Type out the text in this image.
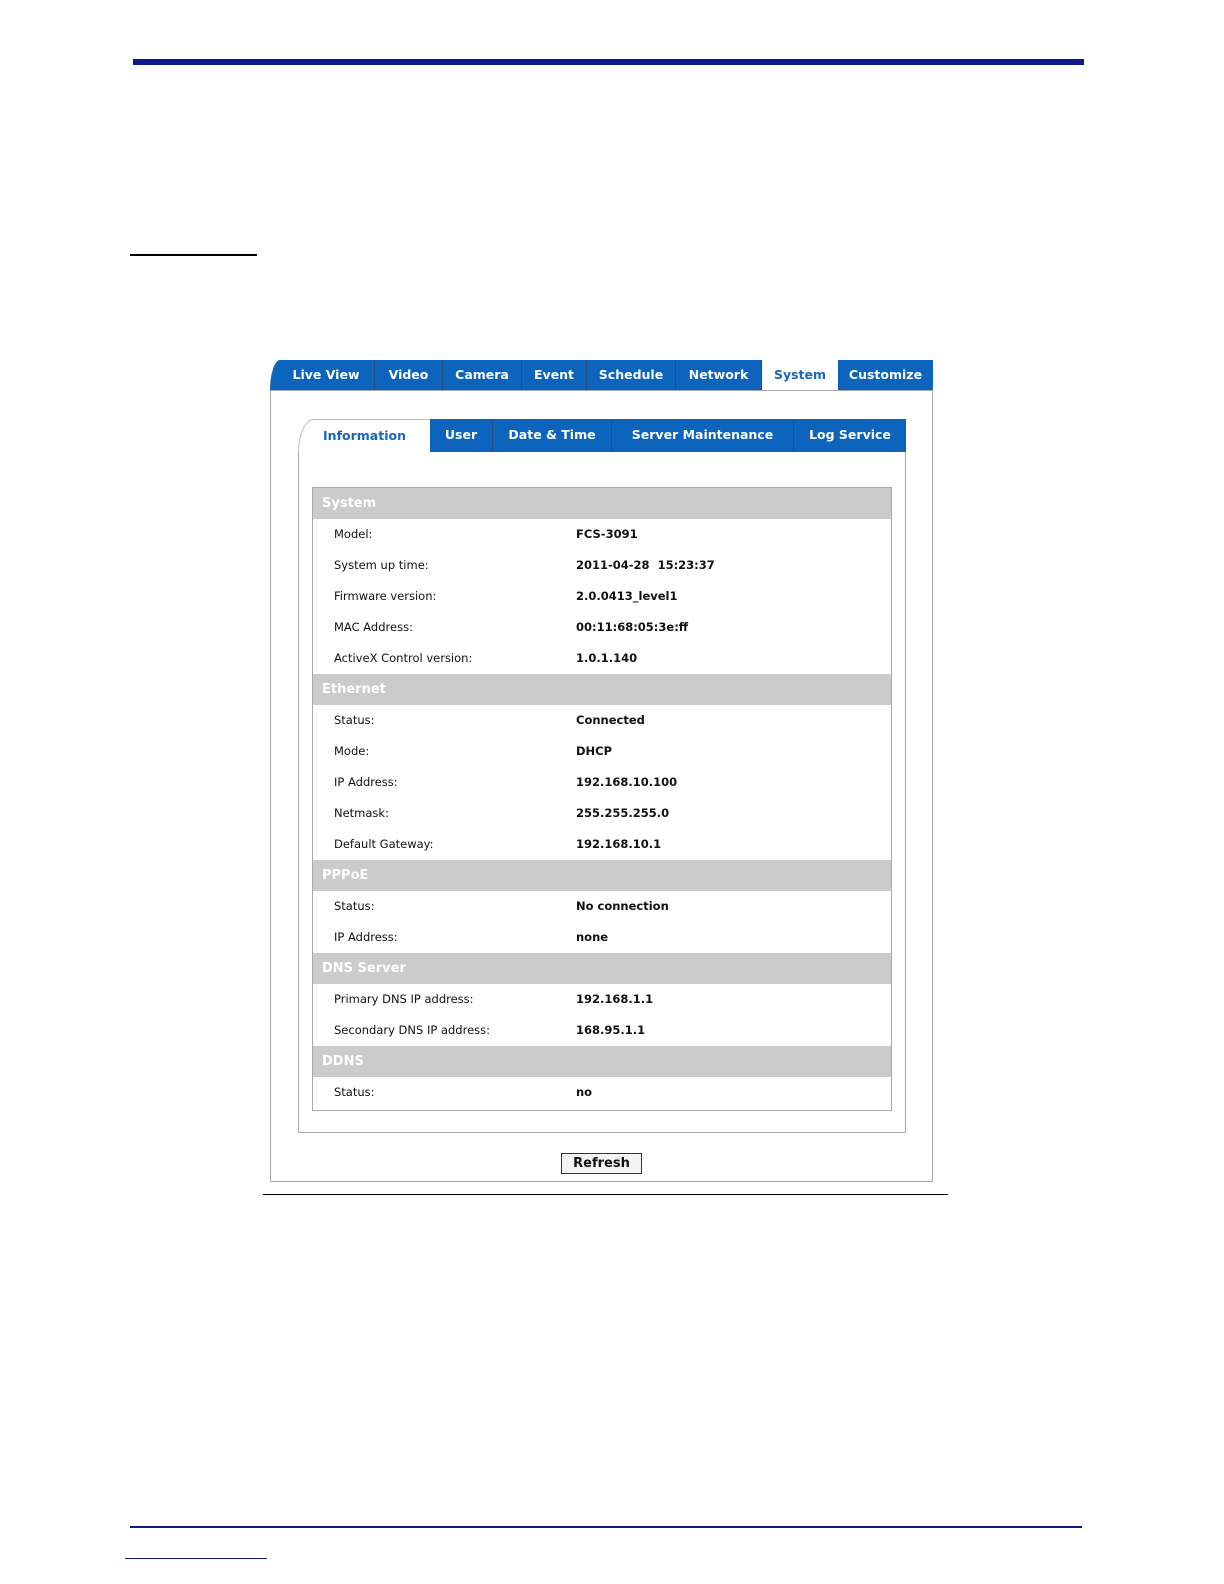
Live View	Video	Camera	Event	Schedule	Network	System	Customize
Information	User	Date & Time	Server Maintenance	Log Service
System
Model:	FCS-3091
System up time:	2011-04-28  15:23:37
Firmware version:	2.0.0413_level1
MAC Address:	00:11:68:05:3e:ff
ActiveX Control version:	1.0.1.140
Ethernet
Status:	Connected
Mode:	DHCP
IP Address:	192.168.10.100
Netmask:	255.255.255.0
Default Gateway:	192.168.10.1
PPPoE
Status:	No connection
IP Address:	none
DNS Server
Primary DNS IP address:	192.168.1.1
Secondary DNS IP address:	168.95.1.1
DDNS
Status:	no
Refresh
